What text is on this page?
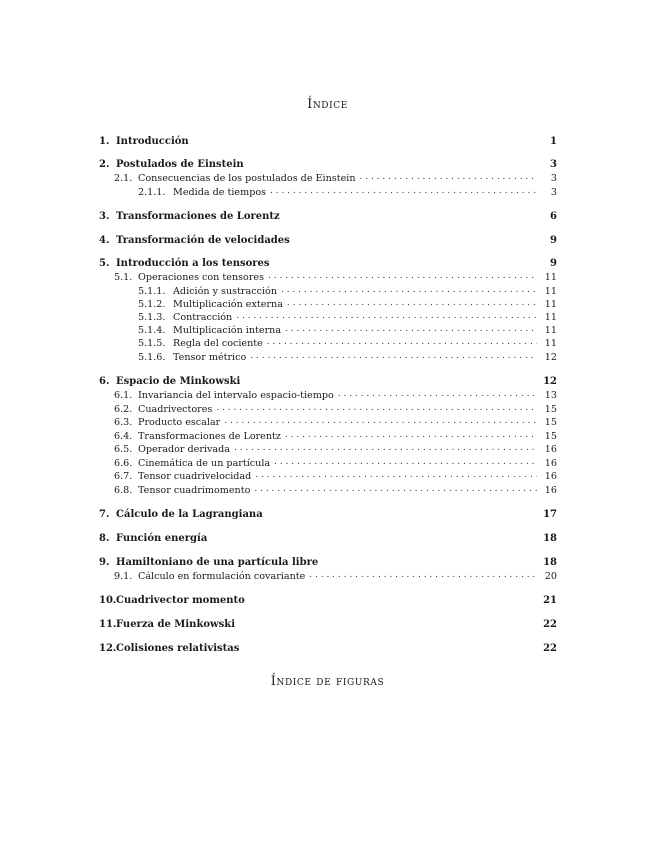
Índice
1. Introducción	1
2. Postulados de Einstein	3
2.1. Consecuencias de los postulados de Einstein . . .	3
2.1.1. Medida de tiempos . . .	3
3. Transformaciones de Lorentz	6
4. Transformación de velocidades	9
5. Introducción a los tensores	9
5.1. Operaciones con tensores . . .	11
5.1.1. Adición y sustracción . . .	11
5.1.2. Multiplicación externa . . .	11
5.1.3. Contracción . . .	11
5.1.4. Multiplicación interna . . .	11
5.1.5. Regla del cociente . . .	11
5.1.6. Tensor métrico . . .	12
6. Espacio de Minkowski	12
6.1. Invariancia del intervalo espacio-tiempo . . .	13
6.2. Cuadrivectores . . .	15
6.3. Producto escalar . . .	15
6.4. Transformaciones de Lorentz . . .	15
6.5. Operador derivada . . .	16
6.6. Cinemática de un partícula . . .	16
6.7. Tensor cuadrivelocidad . . .	16
6.8. Tensor cuadrimomento . . .	16
7. Cálculo de la Lagrangiana	17
8. Función energía	18
9. Hamiltoniano de una partícula libre	18
9.1. Cálculo en formulación covariante . . .	20
10. Cuadrivector momento	21
11. Fuerza de Minkowski	22
12. Colisiones relativistas	22
Índice de figuras
